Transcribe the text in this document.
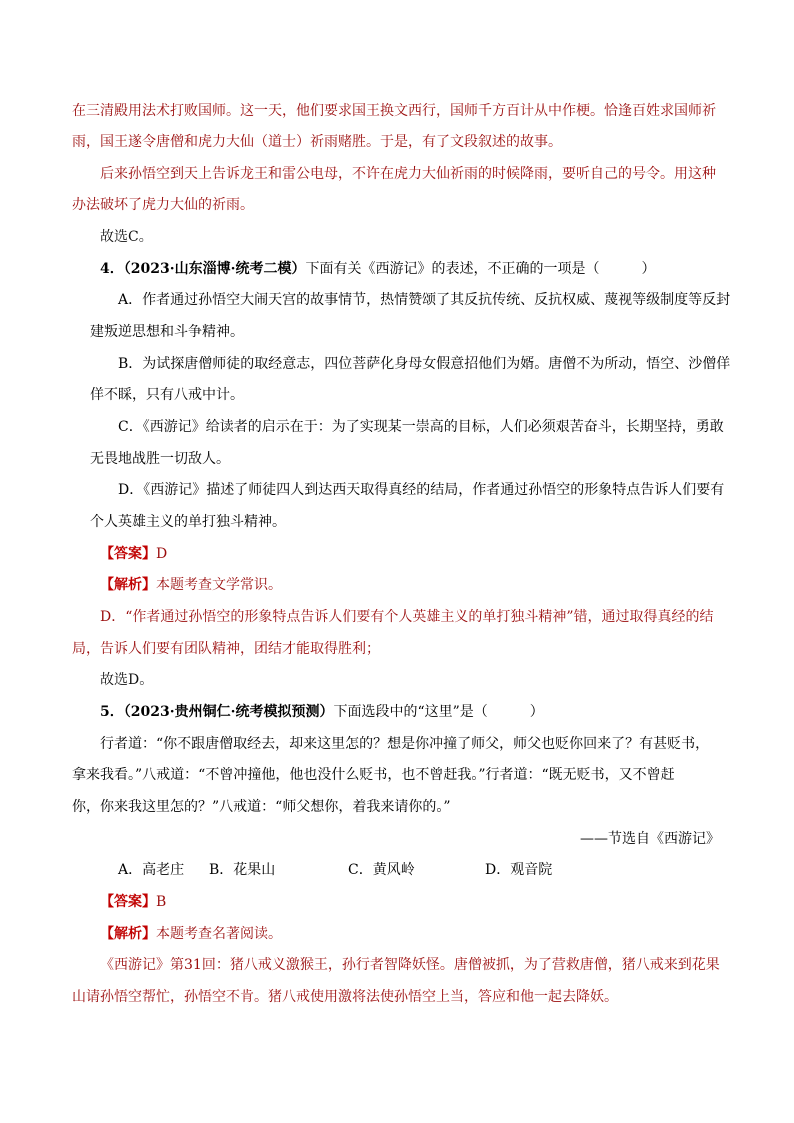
在三清殿用法术打败国师。这一天，他们要求国王换文西行，国师千方百计从中作梗。恰逢百姓求国师祈

雨，国王遂令唐僧和虎力大仙（道士）祈雨赌胜。于是，有了文段叙述的故事。

后来孙悟空到天上告诉龙王和雷公电母，不许在虎力大仙祈雨的时候降雨，要听自己的号令。用这种

办法破坏了虎力大仙的祈雨。

故选C。

4．（2023·山东淄博·统考二模）下面有关《西游记》的表述，不正确的一项是（　　　）

A．作者通过孙悟空大闹天宫的故事情节，热情赞颂了其反抗传统、反抗权威、蔑视等级制度等反封

建叛逆思想和斗争精神。

B．为试探唐僧师徒的取经意志，四位菩萨化身母女假意招他们为婿。唐僧不为所动，悟空、沙僧佯

佯不睬，只有八戒中计。

C．《西游记》给读者的启示在于：为了实现某一崇高的目标，人们必须艰苦奋斗，长期坚持，勇敢

无畏地战胜一切敌人。

D．《西游记》描述了师徒四人到达西天取得真经的结局，作者通过孙悟空的形象特点告诉人们要有

个人英雄主义的单打独斗精神。

【答案】D

【解析】本题考查文学常识。

D．“作者通过孙悟空的形象特点告诉人们要有个人英雄主义的单打独斗精神”错，通过取得真经的结

局，告诉人们要有团队精神，团结才能取得胜利；

故选D。

5．（2023·贵州铜仁·统考模拟预测）下面选段中的“这里”是（　　　）

行者道：“你不跟唐僧取经去，却来这里怎的？想是你冲撞了师父，师父也贬你回来了？有甚贬书，

拿来我看。”八戒道：“不曾冲撞他，他也没什么贬书，也不曾赶我。”行者道：“既无贬书，又不曾赶

你，你来我这里怎的？”八戒道：“师父想你，着我来请你的。”

——节选自《西游记》

A．高老庄 B．花果山	C．黄风岭	D．观音院

【答案】B

【解析】本题考查名著阅读。

《西游记》第31回：猪八戒义激猴王，孙行者智降妖怪。唐僧被抓，为了营救唐僧，猪八戒来到花果

山请孙悟空帮忙，孙悟空不肯。猪八戒使用激将法使孙悟空上当，答应和他一起去降妖。
